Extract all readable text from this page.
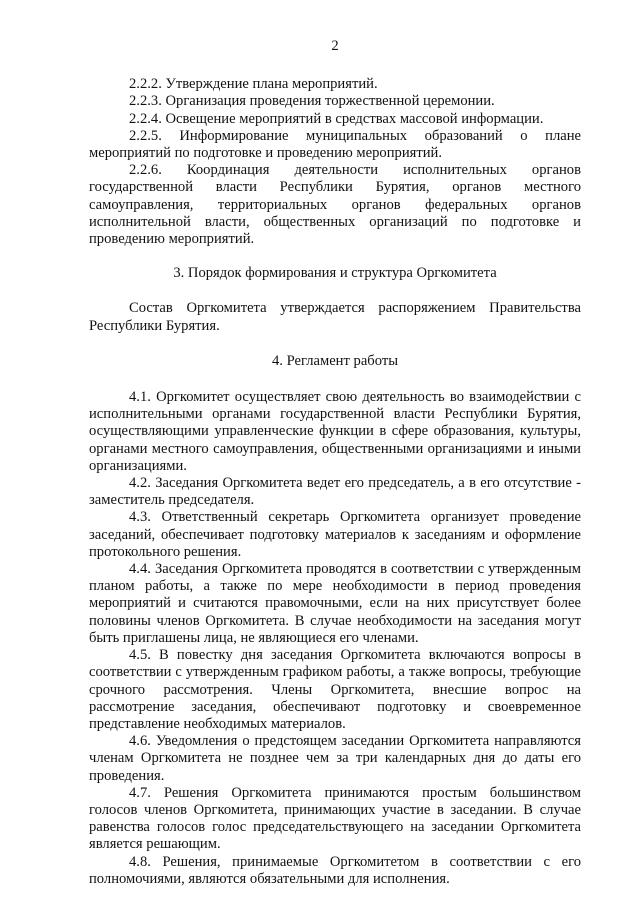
2

2.2.2. Утверждение плана мероприятий.

2.2.3. Организация проведения торжественной церемонии.

2.2.4. Освещение мероприятий в средствах массовой информации.

2.2.5. Информирование муниципальных образований о плане мероприятий по подготовке и проведению мероприятий.

2.2.6. Координация деятельности исполнительных органов государственной власти Республики Бурятия, органов местного самоуправления, территориальных органов федеральных органов исполнительной власти, общественных организаций по подготовке и проведению мероприятий.

3. Порядок формирования и структура Оргкомитета

Состав Оргкомитета утверждается распоряжением Правительства Республики Бурятия.

4. Регламент работы

4.1. Оргкомитет осуществляет свою деятельность во взаимодействии с исполнительными органами государственной власти Республики Бурятия, осуществляющими управленческие функции в сфере образования, культуры, органами местного самоуправления, общественными организациями и иными организациями.

4.2. Заседания Оргкомитета ведет его председатель, а в его отсутствие - заместитель председателя.

4.3. Ответственный секретарь Оргкомитета организует проведение заседаний, обеспечивает подготовку материалов к заседаниям и оформление протокольного решения.

4.4. Заседания Оргкомитета проводятся в соответствии с утвержденным планом работы, а также по мере необходимости в период проведения мероприятий и считаются правомочными, если на них присутствует более половины членов Оргкомитета. В случае необходимости на заседания могут быть приглашены лица, не являющиеся его членами.

4.5. В повестку дня заседания Оргкомитета включаются вопросы в соответствии с утвержденным графиком работы, а также вопросы, требующие срочного рассмотрения. Члены Оргкомитета, внесшие вопрос на рассмотрение заседания, обеспечивают подготовку и своевременное представление необходимых материалов.

4.6. Уведомления о предстоящем заседании Оргкомитета направляются членам Оргкомитета не позднее чем за три календарных дня до даты его проведения.

4.7. Решения Оргкомитета принимаются простым большинством голосов членов Оргкомитета, принимающих участие в заседании. В случае равенства голосов голос председательствующего на заседании Оргкомитета является решающим.

4.8. Решения, принимаемые Оргкомитетом в соответствии с его полномочиями, являются обязательными для исполнения.
